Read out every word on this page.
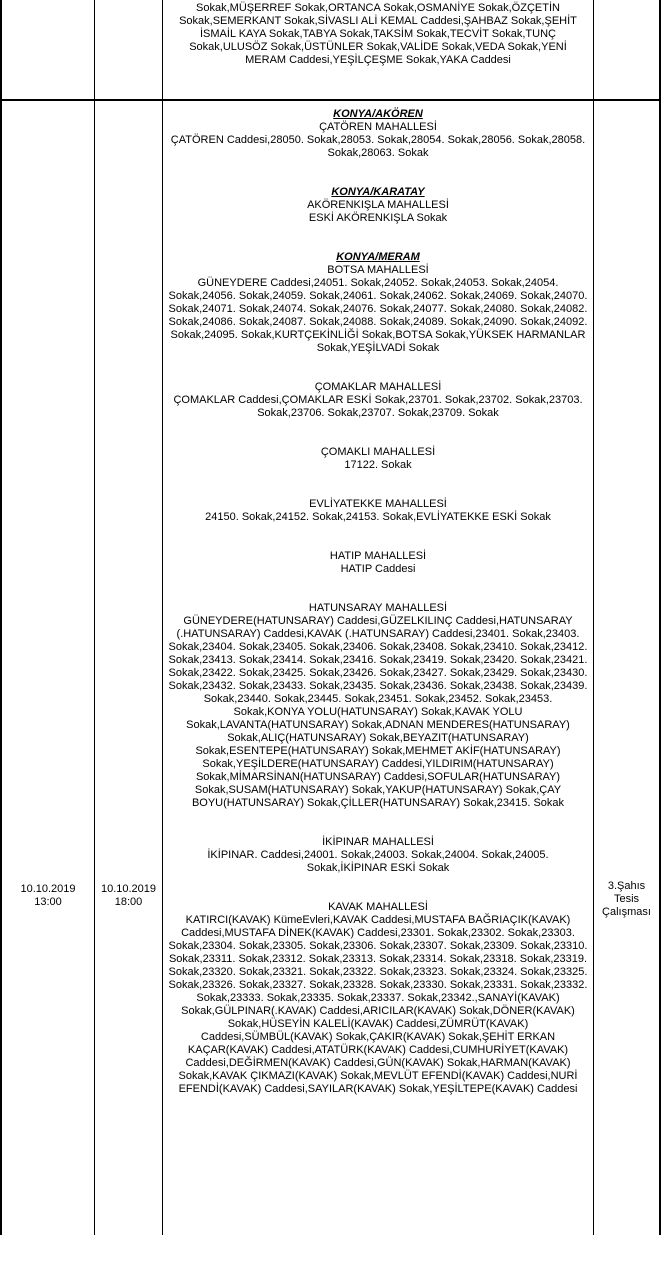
Sokak,MÜŞERREF Sokak,ORTANCA Sokak,OSMANİYE Sokak,ÖZÇETİN Sokak,SEMERKANT Sokak,SİVASLI ALİ KEMAL Caddesi,ŞAHBAZ Sokak,ŞEHİT İSMAİL KAYA Sokak,TABYA Sokak,TAKSİM Sokak,TECVİT Sokak,TUNÇ Sokak,ULUSÖZ Sokak,ÜSTÜNLER Sokak,VALİDE Sokak,VEDA Sokak,YENİ MERAM Caddesi,YEŞİLÇEŞME Sokak,YAKA Caddesi

10.10.2019

13:00

10.10.2019

18:00

KONYA/AKÖREN

ÇATÖREN MAHALLESİ

ÇATÖREN Caddesi,28050. Sokak,28053. Sokak,28054. Sokak,28056. Sokak,28058. Sokak,28063. Sokak

KONYA/KARATAY

AKÖRENKIŞLA MAHALLESİ

ESKİ AKÖRENKIŞLA Sokak

KONYA/MERAM

BOTSA MAHALLESİ

GÜNEYDERE Caddesi,24051. Sokak,24052. Sokak,24053. Sokak,24054. Sokak,24056. Sokak,24059. Sokak,24061. Sokak,24062. Sokak,24069. Sokak,24070. Sokak,24071. Sokak,24074. Sokak,24076. Sokak,24077. Sokak,24080. Sokak,24082. Sokak,24086. Sokak,24087. Sokak,24088. Sokak,24089. Sokak,24090. Sokak,24092. Sokak,24095. Sokak,KURTÇEKİNLİĞİ Sokak,BOTSA Sokak,YÜKSEK HARMANLAR Sokak,YEŞİLVADİ Sokak

ÇOMAKLAR MAHALLESİ

ÇOMAKLAR Caddesi,ÇOMAKLAR ESKİ Sokak,23701. Sokak,23702. Sokak,23703. Sokak,23706. Sokak,23707. Sokak,23709. Sokak

ÇOMAKLI MAHALLESİ

17122. Sokak

EVLİYATEKKE MAHALLESİ

24150. Sokak,24152. Sokak,24153. Sokak,EVLİYATEKKE ESKİ Sokak

HATIP MAHALLESİ

HATIP Caddesi

HATUNSARAY MAHALLESİ

GÜNEYDERE(HATUNSARAY) Caddesi,GÜZELKILINÇ Caddesi,HATUNSARAY (.HATUNSARAY) Caddesi,KAVAK (.HATUNSARAY) Caddesi,23401. Sokak,23403. Sokak,23404. Sokak,23405. Sokak,23406. Sokak,23408. Sokak,23410. Sokak,23412. Sokak,23413. Sokak,23414. Sokak,23416. Sokak,23419. Sokak,23420. Sokak,23421. Sokak,23422. Sokak,23425. Sokak,23426. Sokak,23427. Sokak,23429. Sokak,23430. Sokak,23432. Sokak,23433. Sokak,23435. Sokak,23436. Sokak,23438. Sokak,23439. Sokak,23440. Sokak,23445. Sokak,23451. Sokak,23452. Sokak,23453. Sokak,KONYA YOLU(HATUNSARAY) Sokak,KAVAK YOLU Sokak,LAVANTA(HATUNSARAY) Sokak,ADNAN MENDERES(HATUNSARAY) Sokak,ALIÇ(HATUNSARAY) Sokak,BEYAZIT(HATUNSARAY) Sokak,ESENTEPE(HATUNSARAY) Sokak,MEHMET AKİF(HATUNSARAY) Sokak,YEŞİLDERE(HATUNSARAY) Caddesi,YILDIRIM(HATUNSARAY) Sokak,MİMARSİNAN(HATUNSARAY) Caddesi,SOFULAR(HATUNSARAY) Sokak,SUSAM(HATUNSARAY) Sokak,YAKUP(HATUNSARAY) Sokak,ÇAY BOYU(HATUNSARAY) Sokak,ÇİLLER(HATUNSARAY) Sokak,23415. Sokak

İKİPINAR MAHALLESİ

İKİPINAR. Caddesi,24001. Sokak,24003. Sokak,24004. Sokak,24005. Sokak,İKİPINAR ESKİ Sokak

KAVAK MAHALLESİ

KATIRCI(KAVAK) KümeEvleri,KAVAK Caddesi,MUSTAFA BAĞRIAÇIK(KAVAK) Caddesi,MUSTAFA DİNEK(KAVAK) Caddesi,23301. Sokak,23302. Sokak,23303. Sokak,23304. Sokak,23305. Sokak,23306. Sokak,23307. Sokak,23309. Sokak,23310. Sokak,23311. Sokak,23312. Sokak,23313. Sokak,23314. Sokak,23318. Sokak,23319. Sokak,23320. Sokak,23321. Sokak,23322. Sokak,23323. Sokak,23324. Sokak,23325. Sokak,23326. Sokak,23327. Sokak,23328. Sokak,23330. Sokak,23331. Sokak,23332. Sokak,23333. Sokak,23335. Sokak,23337. Sokak,23342.,SANAYİ(KAVAK) Sokak,GÜLPINAR(.KAVAK) Caddesi,ARICILAR(KAVAK) Sokak,DÖNER(KAVAK) Sokak,HÜSEYİN KALELİ(KAVAK) Caddesi,ZÜMRÜT(KAVAK) Caddesi,SÜMBÜL(KAVAK) Sokak,ÇAKIR(KAVAK) Sokak,ŞEHİT ERKAN KAÇAR(KAVAK) Caddesi,ATATÜRK(KAVAK) Caddesi,CUMHURİYET(KAVAK) Caddesi,DEĞİRMEN(KAVAK) Caddesi,GÜN(KAVAK) Sokak,HARMAN(KAVAK) Sokak,KAVAK ÇIKMAZI(KAVAK) Sokak,MEVLÜT EFENDİ(KAVAK) Caddesi,NURİ EFENDİ(KAVAK) Caddesi,SAYILAR(KAVAK) Sokak,YEŞİLTEPE(KAVAK) Caddesi

3.Şahıs Tesis Çalışması
